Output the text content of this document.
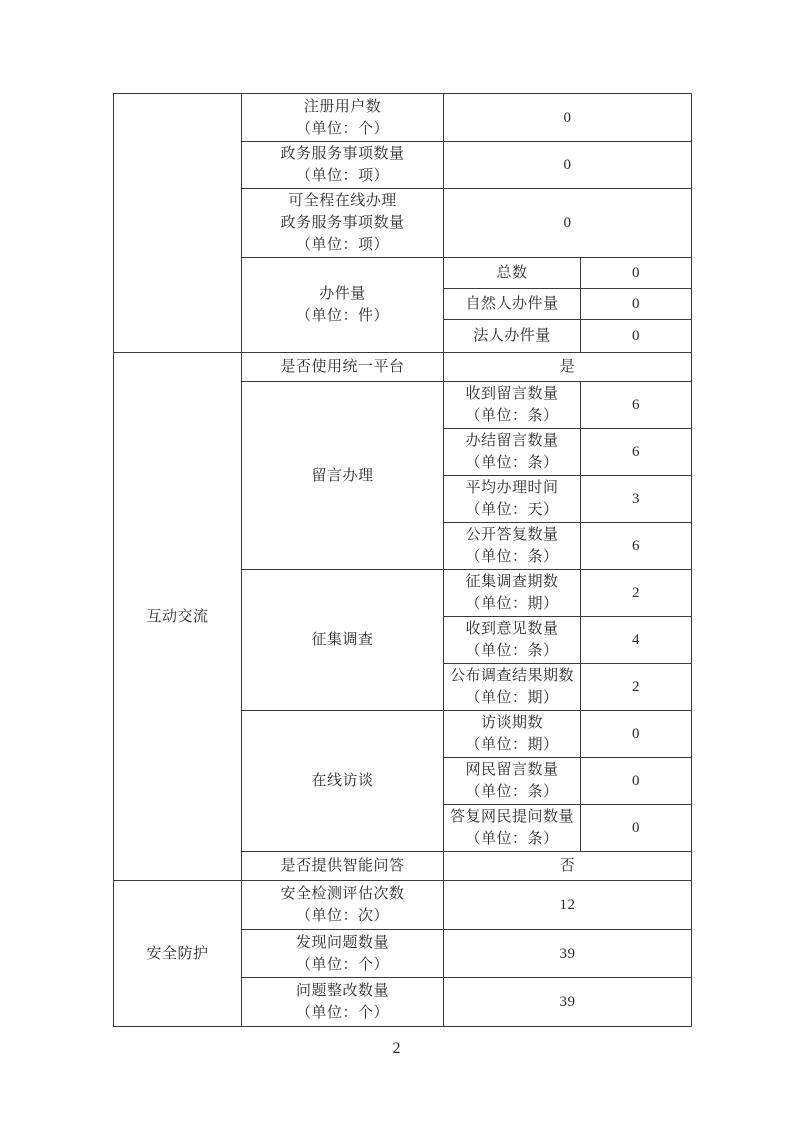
	注册用户数
（单位：个）	0	

	政务服务事项数量
（单位：项）	0	

	可全程在线办理
政务服务事项数量
（单位：项）	0	

	办件量
（单位：件）	总数	0
		自然人办件量	0
		法人办件量	0
互动交流	是否使用统一平台	是	
	留言办理	收到留言数量
（单位：条）	6

		办结留言数量
（单位：条）	6

		平均办理时间
（单位：天）	3

		公开答复数量
（单位：条）	6
	征集调查	征集调查期数
（单位：期）	2

		收到意见数量
（单位：条）	4

		公布调查结果期数
（单位：期）	2
	在线访谈	访谈期数
（单位：期）	0

		网民留言数量
（单位：条）	0

		答复网民提问数量
（单位：条）	0
	是否提供智能问答	否	
安全防护	安全检测评估次数
（单位：次）	12	

	发现问题数量
（单位：个）	39	

	问题整改数量
（单位：个）	39	
2
